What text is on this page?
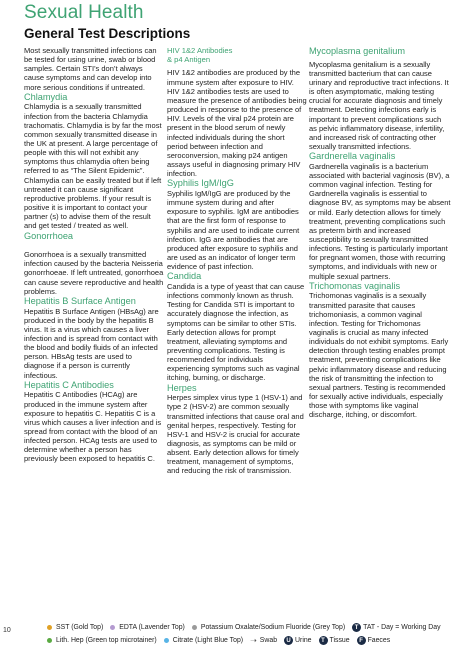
Sexual Health
General Test Descriptions

Most sexually transmitted infections can be tested for using urine, swab or blood samples. Certain STI’s don’t always cause symptoms and can develop into more serious conditions if untreated.

Chlamydia

Chlamydia is a sexually transmitted infection from the bacteria Chlamydia trachomatis. Chlamydia is by far the most common sexually transmitted disease in the UK at present. A large percentage of people with this will not exhibit any symptoms thus chlamydia often being referred to as “The Silent Epidemic”. Chlamydia can be easily treated but if left untreated it can cause significant reproductive problems. If your result is positive it is important to contact your partner (s) to advise them of the result and get tested / treated as well.

Gonorrhoea

Gonorrhoea is a sexually transmitted infection caused by the bacteria Neisseria gonorrhoeae. If left untreated, gonorrhoea can cause severe reproductive and health problems.

Hepatitis B Surface Antigen

Hepatitis B Surface Antigen (HBsAg) are produced in the body by the hepatitis B virus. It is a virus which causes a liver infection and is spread from contact with the blood and bodily fluids of an infected person. HBsAg tests are used to diagnose if a person is currently infectious.

Hepatitis C Antibodies

Hepatitis C Antibodies (HCAg) are produced in the immune system after exposure to hepatitis C. Hepatitis C is a virus which causes a liver infection and is spread from contact with the blood of an infected person. HCAg tests are used to determine whether a person has previously been exposed to hepatitis C.

HIV 1&2 Antibodies
& p4 Antigen

HIV 1&2 antibodies are produced by the immune system after exposure to HIV. HIV 1&2 antibodies tests are used to measure the presence of antibodies being produced in response to the presence of HIV. Levels of the viral p24 protein are present in the blood serum of newly infected individuals during the short period between infection and seroconversion, making p24 antigen assays useful in diagnosing primary HIV infection.

Syphilis IgM/IgG

Syphilis IgM/IgG are produced by the immune system during and after exposure to syphilis. IgM are antibodies that are the first form of response to syphilis and are used to indicate current infection. IgG are antibodies that are produced after exposure to syphilis and are used as an indicator of longer term evidence of past infection.

Candida

Candida is a type of yeast that can cause infections commonly known as thrush. Testing for Candida STI is important to accurately diagnose the infection, as symptoms can be similar to other STIs. Early detection allows for prompt treatment, alleviating symptoms and preventing complications. Testing is recommended for individuals experiencing symptoms such as vaginal itching, burning, or discharge.

Herpes

Herpes simplex virus type 1 (HSV-1) and type 2 (HSV-2) are common sexually transmitted infections that cause oral and genital herpes, respectively. Testing for HSV-1 and HSV-2 is crucial for accurate diagnosis, as symptoms can be mild or absent. Early detection allows for timely treatment, management of symptoms, and reducing the risk of transmission.

Mycoplasma genitalium

Mycoplasma genitalium is a sexually transmitted bacterium that can cause urinary and reproductive tract infections. It is often asymptomatic, making testing crucial for accurate diagnosis and timely treatment. Detecting infections early is important to prevent complications such as pelvic inflammatory disease, infertility, and increased risk of contracting other sexually transmitted infections.

Gardnerella vaginalis

Gardnerella vaginalis is a bacterium associated with bacterial vaginosis (BV), a common vaginal infection. Testing for Gardnerella vaginalis is essential to diagnose BV, as symptoms may be absent or mild. Early detection allows for timely treatment, preventing complications such as preterm birth and increased susceptibility to sexually transmitted infections. Testing is particularly important for pregnant women, those with recurring symptoms, and individuals with new or multiple sexual partners.

Trichomonas vaginalis

Trichomonas vaginalis is a sexually transmitted parasite that causes trichomoniasis, a common vaginal infection. Testing for Trichomonas vaginalis is crucial as many infected individuals do not exhibit symptoms. Early detection through testing enables prompt treatment, preventing complications like pelvic inflammatory disease and reducing the risk of transmitting the infection to sexual partners. Testing is recommended for sexually active individuals, especially those with symptoms like vaginal discharge, itching, or discomfort.

10	SST (Gold Top) EDTA (Lavender Top) Potassium Oxalate/Sodium Fluoride (Grey Top)	T TAT - Day = Working Day
Lith. Hep (Green top microtainer) Citrate (Light Blue Top) ➝ Swab	U Urine	T Tissue	F Faeces
